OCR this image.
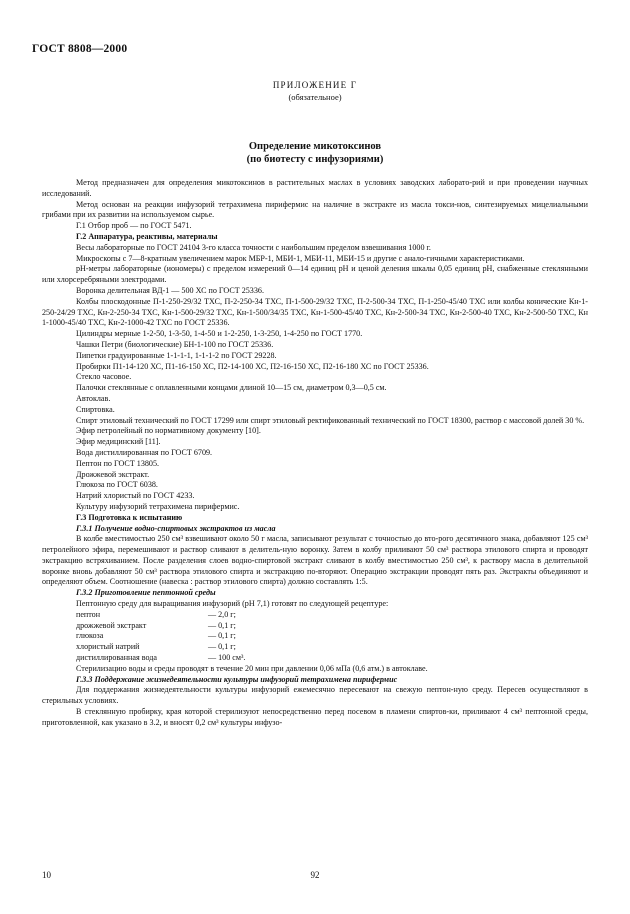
ГОСТ 8808—2000
ПРИЛОЖЕНИЕ Г
(обязательное)
Определение микотоксинов
(по биотесту с инфузориями)

Метод предназначен для определения микотоксинов в растительных маслах в условиях заводских лаборато-рий и при проведении научных исследований.

Метод основан на реакции инфузорий тетрахимена пирифермис на наличие в экстракте из масла токси-нов, синтезируемых мицелиальными грибами при их развитии на используемом сырье.

Г.1 Отбор проб — по ГОСТ 5471.

Г.2 Аппаратура, реактивы, материалы

Весы лабораторные по ГОСТ 24104 3-го класса точности с наибольшим пределом взвешивания 1000 г.

Микроскопы с 7—8-кратным увеличением марок МБР-1, МБИ-1, МБИ-11, МБИ-15 и другие с анало-гичными характеристиками.

рН-метры лабораторные (иономеры) с пределом измерений 0—14 единиц рН и ценой деления шкалы 0,05 единиц рН, снабженные стеклянными или хлорсеребряными электродами.

Воронка делительная ВД-1 — 500 ХС по ГОСТ 25336.

Колбы плоскодонные П-1-250-29/32 ТХС, П-2-250-34 ТХС, П-1-500-29/32 ТХС, П-2-500-34 ТХС, П-1-250-45/40 ТХС или колбы конические Кн-1-250-24/29 ТХС, Кн-2-250-34 ТХС, Кн-1-500-29/32 ТХС, Кн-1-500/34/35 ТХС, Кн-1-500-45/40 ТХС, Кн-2-500-34 ТХС, Кн-2-500-40 ТХС, Кн-2-500-50 ТХС, Кн 1-1000-45/40 ТХС, Кн-2-1000-42 ТХС по ГОСТ 25336.

Цилиндры мерные 1-2-50, 1-3-50, 1-4-50 и 1-2-250, 1-3-250, 1-4-250 по ГОСТ 1770.

Чашки Петри (биологические) БН-1-100 по ГОСТ 25336.

Пипетки градуированные 1-1-1-1, 1-1-1-2 по ГОСТ 29228.

Пробирки П1-14-120 ХС, П1-16-150 ХС, П2-14-100 ХС, П2-16-150 ХС, П2-16-180 ХС по ГОСТ 25336.

Стекло часовое.

Палочки стеклянные с оплавленными концами длиной 10—15 см, диаметром 0,3—0,5 см.

Автоклав.

Спиртовка.

Спирт этиловый технический по ГОСТ 17299 или спирт этиловый ректификованный технический по ГОСТ 18300, раствор с массовой долей 30 %.

Эфир петролейный по нормативному документу [10].

Эфир медицинский [11].

Вода дистиллированная по ГОСТ 6709.

Пептон по ГОСТ 13805.

Дрожжевой экстракт.

Глюкоза по ГОСТ 6038.

Натрий хлористый по ГОСТ 4233.

Культуру инфузорий тетрахимена пирифермис.

Г.3 Подготовка к испытанию

Г.3.1 Получение водно-спиртовых экстрактов из масла

В колбе вместимостью 250 см³ взвешивают около 50 г масла, записывают результат с точностью до вто-рого десятичного знака, добавляют 125 см³ петролейного эфира, перемешивают и раствор сливают в делитель-ную воронку. Затем в колбу приливают 50 см³ раствора этилового спирта и проводят экстракцию встряхиванием. После разделения слоев водно-спиртовой экстракт сливают в колбу вместимостью 250 см³, к раствору масла в делительной воронке вновь добавляют 50 см³ раствора этилового спирта и экстракцию по-вторяют. Операцию экстракции проводят пять раз. Экстракты объединяют и определяют объем. Соотношение (навеска : раствор этилового спирта) должно составлять 1:5.

Г.3.2 Приготовление пептонной среды

Пептонную среду для выращивания инфузорий (рН 7,1) готовят по следующей рецептуре:

пептон	— 2,0 г;
дрожжевой экстракт	— 0,1 г;
глюкоза	— 0,1 г;
хлористый натрий	— 0,1 г;
дистиллированная вода	— 100 см³.

Стерилизацию воды и среды проводят в течение 20 мин при давлении 0,06 мПа (0,6 атм.) в автоклаве.

Г.3.3 Поддержание жизнедеятельности культуры инфузорий тетрахимена пирифермис

Для поддержания жизнедеятельности культуры инфузорий ежемесячно пересевают на свежую пептон-ную среду. Пересев осуществляют в стерильных условиях.

В стеклянную пробирку, края которой стерилизуют непосредственно перед посевом в пламени спиртов-ки, приливают 4 см³ пептонной среды, приготовленной, как указано в 3.2, и вносят 0,2 см³ культуры инфузо-

10	92
